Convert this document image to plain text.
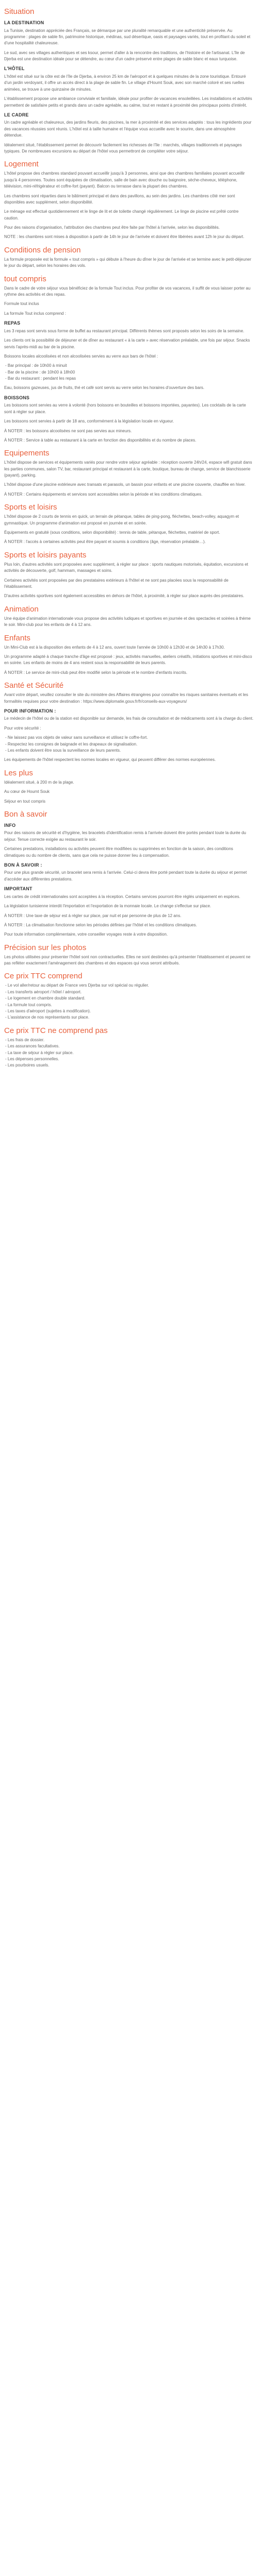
Situation
LA DESTINATION

La Tunisie, destination appréciée des Français, se démarque par une pluralité remarquable et une authenticité préservée. Au programme : plages de sable fin, patrimoine historique, médinas, sud désertique, oasis et paysages variés, tout en profitant du soleil et d'une hospitalité chaleureuse.

Le sud, avec ses villages authentiques et ses ksour, permet d'aller à la rencontre des traditions, de l'histoire et de l'artisanat. L'île de Djerba est une destination idéale pour se détendre, au cœur d'un cadre préservé entre plages de sable blanc et eaux turquoise.

L'HÔTEL

L'hôtel est situé sur la côte est de l'île de Djerba, à environ 25 km de l'aéroport et à quelques minutes de la zone touristique. Entouré d'un jardin verdoyant, il offre un accès direct à la plage de sable fin. Le village d'Houmt Souk, avec son marché coloré et ses ruelles animées, se trouve à une quinzaine de minutes.

L'établissement propose une ambiance conviviale et familiale, idéale pour profiter de vacances ensoleillées. Les installations et activités permettent de satisfaire petits et grands dans un cadre agréable, au calme, tout en restant à proximité des principaux points d'intérêt.

LE CADRE

Un cadre agréable et chaleureux, des jardins fleuris, des piscines, la mer à proximité et des services adaptés : tous les ingrédients pour des vacances réussies sont réunis. L'hôtel est à taille humaine et l'équipe vous accueille avec le sourire, dans une atmosphère détendue.

Idéalement situé, l'établissement permet de découvrir facilement les richesses de l'île : marchés, villages traditionnels et paysages typiques. De nombreuses excursions au départ de l'hôtel vous permettront de compléter votre séjour.

Logement

L'hôtel propose des chambres standard pouvant accueillir jusqu'à 3 personnes, ainsi que des chambres familiales pouvant accueillir jusqu'à 4 personnes. Toutes sont équipées de climatisation, salle de bain avec douche ou baignoire, sèche-cheveux, téléphone, télévision, mini-réfrigérateur et coffre-fort (payant). Balcon ou terrasse dans la plupart des chambres.

Les chambres sont réparties dans le bâtiment principal et dans des pavillons, au sein des jardins. Les chambres côté mer sont disponibles avec supplément, selon disponibilité.

Le ménage est effectué quotidiennement et le linge de lit et de toilette changé régulièrement. Le linge de piscine est prêté contre caution.

Pour des raisons d'organisation, l'attribution des chambres peut être faite par l'hôtel à l'arrivée, selon les disponibilités.

NOTE : les chambres sont mises à disposition à partir de 14h le jour de l'arrivée et doivent être libérées avant 12h le jour du départ.

Conditions de pension

La formule proposée est la formule « tout compris » qui débute à l'heure du dîner le jour de l'arrivée et se termine avec le petit-déjeuner le jour du départ, selon les horaires des vols.

tout compris

Dans le cadre de votre séjour vous bénéficiez de la formule Tout inclus. Pour profiter de vos vacances, il suffit de vous laisser porter au rythme des activités et des repas.

Formule tout inclus

La formule Tout inclus comprend :

REPAS

Les 3 repas sont servis sous forme de buffet au restaurant principal. Différents thèmes sont proposés selon les soirs de la semaine.

Les clients ont la possibilité de déjeuner et de dîner au restaurant « à la carte » avec réservation préalable, une fois par séjour. Snacks servis l'après-midi au bar de la piscine.

Boissons locales alcoolisées et non alcoolisées servies au verre aux bars de l'hôtel :

- Bar principal : de 10h00 à minuit
- Bar de la piscine : de 10h00 à 18h00
- Bar du restaurant : pendant les repas

Eau, boissons gazeuses, jus de fruits, thé et café sont servis au verre selon les horaires d'ouverture des bars.

BOISSONS

Les boissons sont servies au verre à volonté (hors boissons en bouteilles et boissons importées, payantes). Les cocktails de la carte sont à régler sur place.

Les boissons sont servies à partir de 18 ans, conformément à la législation locale en vigueur.

À NOTER : les boissons alcoolisées ne sont pas servies aux mineurs.

À NOTER : Service à table au restaurant à la carte en fonction des disponibilités et du nombre de places.

Equipements

L'hôtel dispose de services et équipements variés pour rendre votre séjour agréable : réception ouverte 24h/24, espace wifi gratuit dans les parties communes, salon TV, bar, restaurant principal et restaurant à la carte, boutique, bureau de change, service de blanchisserie (payant), parking.

L'hôtel dispose d'une piscine extérieure avec transats et parasols, un bassin pour enfants et une piscine couverte, chauffée en hiver.

À NOTER : Certains équipements et services sont accessibles selon la période et les conditions climatiques.

Sports et loisirs

L'hôtel dispose de 2 courts de tennis en quick, un terrain de pétanque, tables de ping-pong, fléchettes, beach-volley, aquagym et gymnastique. Un programme d'animation est proposé en journée et en soirée.

Équipements en gratuité (sous conditions, selon disponibilité) : tennis de table, pétanque, fléchettes, matériel de sport.

À NOTER : l'accès à certaines activités peut être payant et soumis à conditions (âge, réservation préalable…).

Sports et loisirs payants

Plus loin, d'autres activités sont proposées avec supplément, à régler sur place : sports nautiques motorisés, équitation, excursions et activités de découverte, golf, hammam, massages et soins.

Certaines activités sont proposées par des prestataires extérieurs à l'hôtel et ne sont pas placées sous la responsabilité de l'établissement.

D'autres activités sportives sont également accessibles en dehors de l'hôtel, à proximité, à régler sur place auprès des prestataires.

Animation

Une équipe d'animation internationale vous propose des activités ludiques et sportives en journée et des spectacles et soirées à thème le soir. Mini-club pour les enfants de 4 à 12 ans.

Enfants

Un Mini-Club est à la disposition des enfants de 4 à 12 ans, ouvert toute l'année de 10h00 à 12h30 et de 14h30 à 17h30.

Un programme adapté à chaque tranche d'âge est proposé : jeux, activités manuelles, ateliers créatifs, initiations sportives et mini-disco en soirée. Les enfants de moins de 4 ans restent sous la responsabilité de leurs parents.

À NOTER : Le service de mini-club peut être modifié selon la période et le nombre d'enfants inscrits.

Santé et Sécurité

Avant votre départ, veuillez consulter le site du ministère des Affaires étrangères pour connaître les risques sanitaires éventuels et les formalités requises pour votre destination : https://www.diplomatie.gouv.fr/fr/conseils-aux-voyageurs/

POUR INFORMATION :

Le médecin de l'hôtel ou de la station est disponible sur demande, les frais de consultation et de médicaments sont à la charge du client.

Pour votre sécurité :

- Ne laissez pas vos objets de valeur sans surveillance et utilisez le coffre-fort.
- Respectez les consignes de baignade et les drapeaux de signalisation.
- Les enfants doivent être sous la surveillance de leurs parents.

Les équipements de l'hôtel respectent les normes locales en vigueur, qui peuvent différer des normes européennes.

Les plus

Idéalement situé, à 200 m de la plage.

Au cœur de Houmt Souk

Séjour en tout compris

Bon à savoir
INFO

Pour des raisons de sécurité et d'hygiène, les bracelets d'identification remis à l'arrivée doivent être portés pendant toute la durée du séjour. Tenue correcte exigée au restaurant le soir.

Certaines prestations, installations ou activités peuvent être modifiées ou supprimées en fonction de la saison, des conditions climatiques ou du nombre de clients, sans que cela ne puisse donner lieu à compensation.

BON À SAVOIR :

Pour une plus grande sécurité, un bracelet sera remis à l'arrivée. Celui-ci devra être porté pendant toute la durée du séjour et permet d'accéder aux différentes prestations.

IMPORTANT

Les cartes de crédit internationales sont acceptées à la réception. Certains services pourront être réglés uniquement en espèces.

La législation tunisienne interdit l'importation et l'exportation de la monnaie locale. Le change s'effectue sur place.

À NOTER : Une taxe de séjour est à régler sur place, par nuit et par personne de plus de 12 ans.

À NOTER : La climatisation fonctionne selon les périodes définies par l'hôtel et les conditions climatiques.

Pour toute information complémentaire, votre conseiller voyages reste à votre disposition.

Précision sur les photos

Les photos utilisées pour présenter l'hôtel sont non contractuelles. Elles ne sont destinées qu'à présenter l'établissement et peuvent ne pas refléter exactement l'aménagement des chambres et des espaces qui vous seront attribués.

Ce prix TTC comprend
- Le vol aller/retour au départ de France vers Djerba sur vol spécial ou régulier.
- Les transferts aéroport / hôtel / aéroport.
- Le logement en chambre double standard.
- La formule tout compris.
- Les taxes d'aéroport (sujettes à modification).
- L'assistance de nos représentants sur place.
Ce prix TTC ne comprend pas
- Les frais de dossier.
- Les assurances facultatives.
- La taxe de séjour à régler sur place.
- Les dépenses personnelles.
- Les pourboires usuels.
